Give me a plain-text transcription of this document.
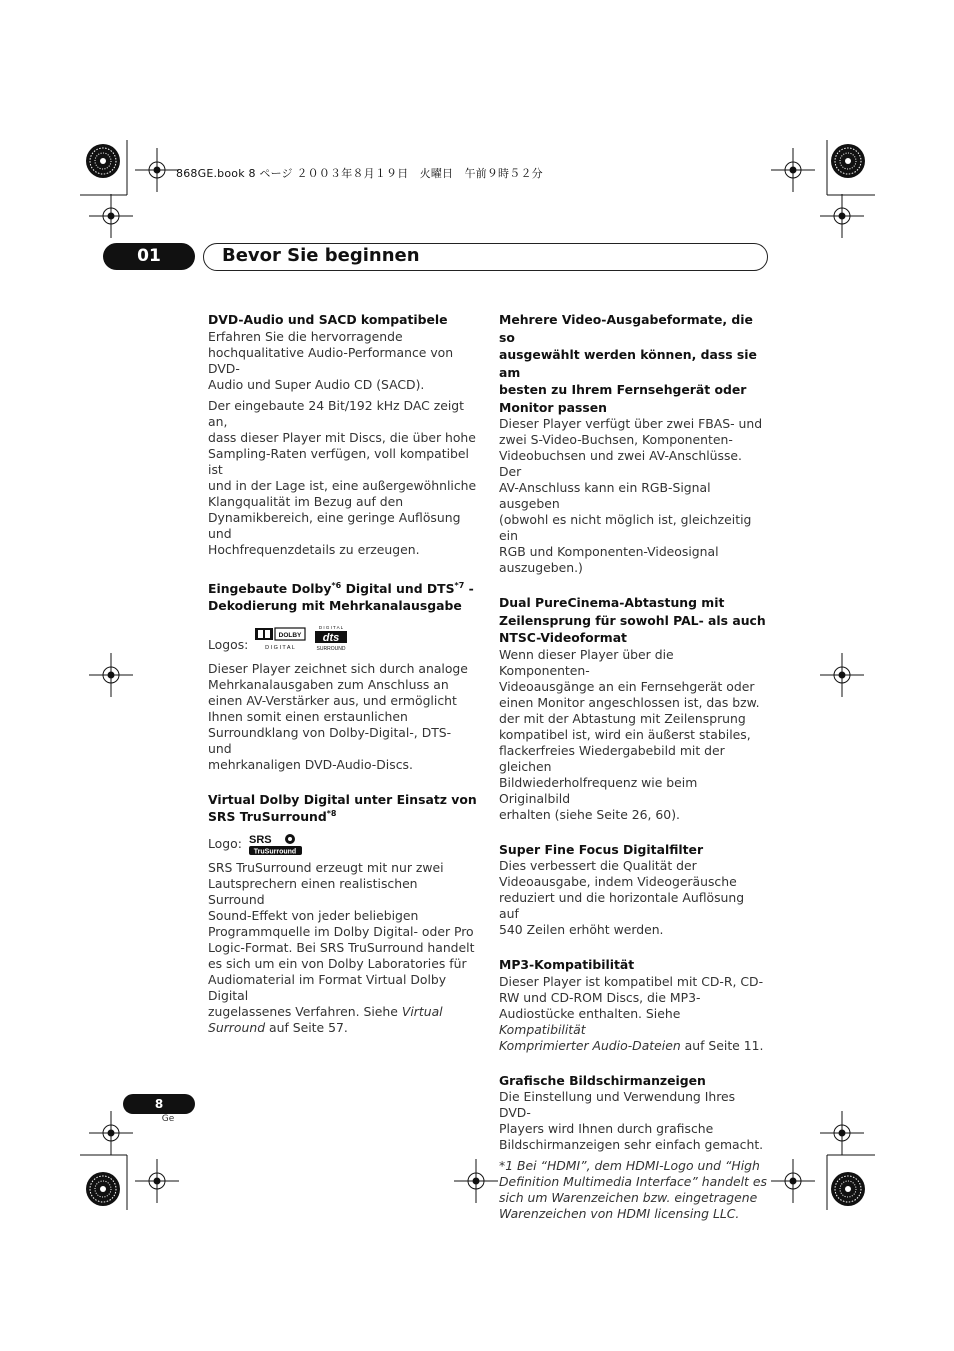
868GE.book 8 ページ ２００３年８月１９日　火曜日　午前９時５２分
01	Bevor Sie beginnen
DVD-Audio und SACD kompatibele

Erfahren Sie die hervorragende
hochqualitative Audio-Performance von DVD-
Audio und Super Audio CD (SACD).

Der eingebaute 24 Bit/192 kHz DAC zeigt an,
dass dieser Player mit Discs, die über hohe
Sampling-Raten verfügen, voll kompatibel ist
und in der Lage ist, eine außergewöhnliche
Klangqualität im Bezug auf den
Dynamikbereich, eine geringe Auflösung und
Hochfrequenzdetails zu erzeugen.

Eingebaute Dolby$^{*6}$ Digital und DTS$^{*7}$ -
Dekodierung mit Mehrkanalausgabe
Logos:
DOLBY
D I G I T A L
D I G I T A L
dts
SURROUND

Dieser Player zeichnet sich durch analoge
Mehrkanalausgaben zum Anschluss an
einen AV-Verstärker aus, und ermöglicht
Ihnen somit einen erstaunlichen
Surroundklang von Dolby-Digital-, DTS- und
mehrkanaligen DVD-Audio-Discs.

Virtual Dolby Digital unter Einsatz von
SRS TruSurround$^{*8}$
Logo: SRS
TruSurround

SRS TruSurround erzeugt mit nur zwei
Lautsprechern einen realistischen Surround
Sound-Effekt von jeder beliebigen
Programmquelle im Dolby Digital- oder Pro
Logic-Format. Bei SRS TruSurround handelt
es sich um ein von Dolby Laboratories für
Audiomaterial im Format Virtual Dolby Digital
zugelassenes Verfahren. Siehe Virtual
Surround auf Seite 57.

Mehrere Video-Ausgabeformate, die so
ausgewählt werden können, dass sie am
besten zu Ihrem Fernsehgerät oder
Monitor passen

Dieser Player verfügt über zwei FBAS- und
zwei S-Video-Buchsen, Komponenten-
Videobuchsen und zwei AV-Anschlüsse. Der
AV-Anschluss kann ein RGB-Signal ausgeben
(obwohl es nicht möglich ist, gleichzeitig ein
RGB und Komponenten-Videosignal
auszugeben.)

Dual PureCinema-Abtastung mit
Zeilensprung für sowohl PAL- als auch
NTSC-Videoformat

Wenn dieser Player über die Komponenten-
Videoausgänge an ein Fernsehgerät oder
einen Monitor angeschlossen ist, das bzw.
der mit der Abtastung mit Zeilensprung
kompatibel ist, wird ein äußerst stabiles,
flackerfreies Wiedergabebild mit der gleichen
Bildwiederholfrequenz wie beim Originalbild
erhalten (siehe Seite 26, 60).

Super Fine Focus Digitalfilter

Dies verbessert die Qualität der
Videoausgabe, indem Videogeräusche
reduziert und die horizontale Auflösung auf
540 Zeilen erhöht werden.

MP3-Kompatibilität

Dieser Player ist kompatibel mit CD-R, CD-
RW und CD-ROM Discs, die MP3-
Audiostücke enthalten. Siehe Kompatibilität
Komprimierter Audio-Dateien auf Seite 11.

Grafische Bildschirmanzeigen

Die Einstellung und Verwendung Ihres DVD-
Players wird Ihnen durch grafische
Bildschirmanzeigen sehr einfach gemacht.

*1 Bei “HDMI”, dem HDMI-Logo und “High
Definition Multimedia Interface” handelt es
sich um Warenzeichen bzw. eingetragene
Warenzeichen von HDMI licensing LLC.

8
Ge
